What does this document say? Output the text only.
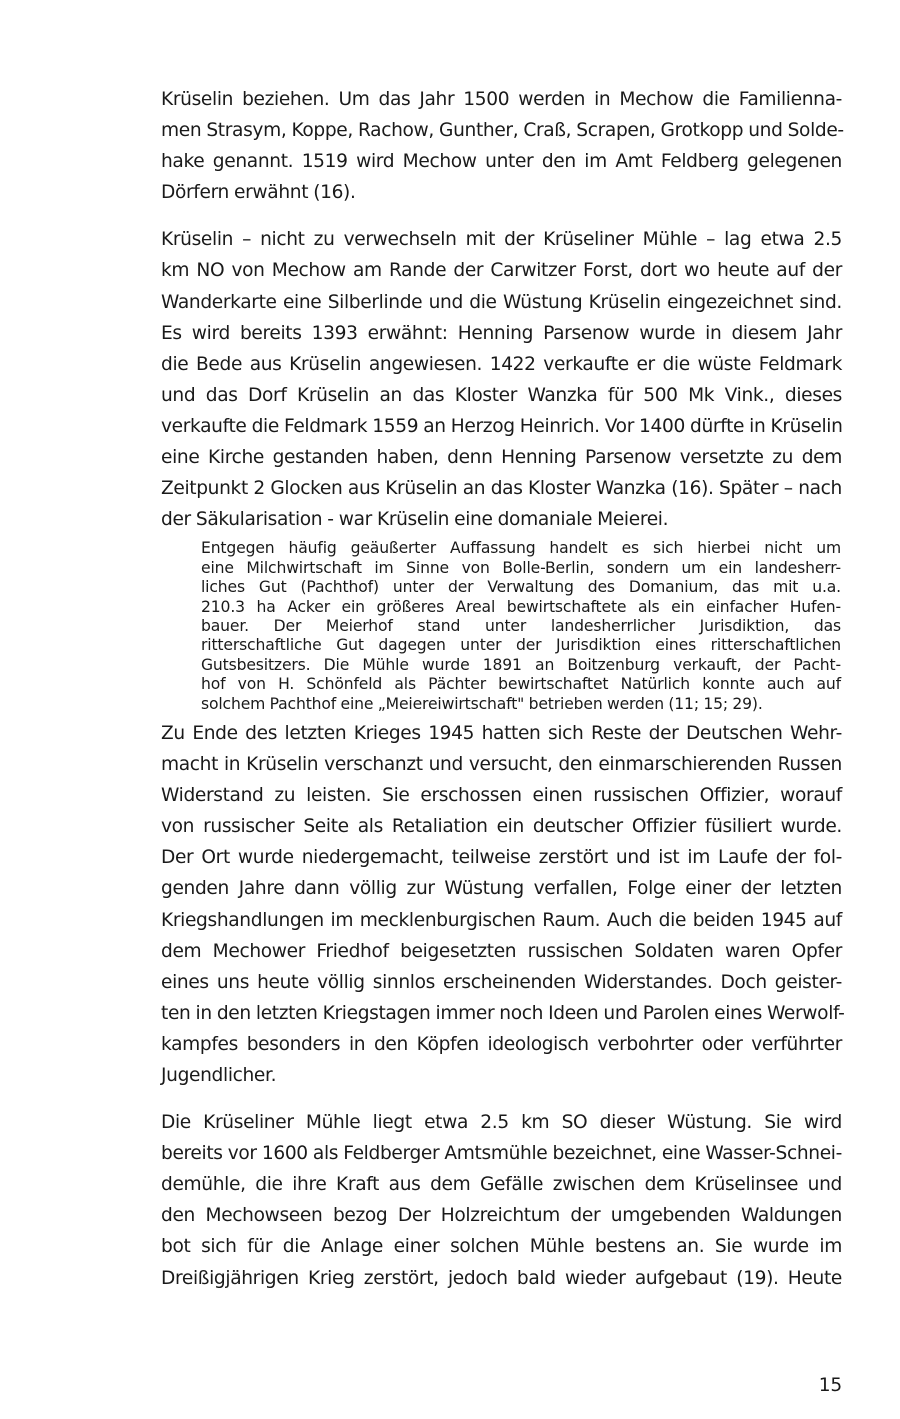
Krüselin beziehen. Um das Jahr 1500 werden in Mechow die Familienna-
men Strasym, Koppe, Rachow, Gunther, Craß, Scrapen, Grotkopp und Solde-
hake genannt. 1519 wird Mechow unter den im Amt Feldberg gelegenen
Dörfern erwähnt (16).

Krüselin – nicht zu verwechseln mit der Krüseliner Mühle – lag etwa 2.5
km NO von Mechow am Rande der Carwitzer Forst, dort wo heute auf der
Wanderkarte eine Silberlinde und die Wüstung Krüselin eingezeichnet sind.
Es wird bereits 1393 erwähnt: Henning Parsenow wurde in diesem Jahr
die Bede aus Krüselin angewiesen. 1422 verkaufte er die wüste Feldmark
und das Dorf Krüselin an das Kloster Wanzka für 500 Mk Vink., dieses
verkaufte die Feldmark 1559 an Herzog Heinrich. Vor 1400 dürfte in Krüselin
eine Kirche gestanden haben, denn Henning Parsenow versetzte zu dem
Zeitpunkt 2 Glocken aus Krüselin an das Kloster Wanzka (16). Später – nach
der Säkularisation - war Krüselin eine domaniale Meierei.

Entgegen häufig geäußerter Auffassung handelt es sich hierbei nicht um
eine Milchwirtschaft im Sinne von Bolle-Berlin, sondern um ein landesherr-
liches Gut (Pachthof) unter der Verwaltung des Domanium, das mit u.a.
210.3 ha Acker ein größeres Areal bewirtschaftete als ein einfacher Hufen-
bauer. Der Meierhof stand unter landesherrlicher Jurisdiktion, das
ritterschaftliche Gut dagegen unter der Jurisdiktion eines ritterschaftlichen
Gutsbesitzers. Die Mühle wurde 1891 an Boitzenburg verkauft, der Pacht-
hof von H. Schönfeld als Pächter bewirtschaftet Natürlich konnte auch auf
solchem Pachthof eine „Meiereiwirtschaft" betrieben werden (11; 15; 29).

Zu Ende des letzten Krieges 1945 hatten sich Reste der Deutschen Wehr-
macht in Krüselin verschanzt und versucht, den einmarschierenden Russen
Widerstand zu leisten. Sie erschossen einen russischen Offizier, worauf
von russischer Seite als Retaliation ein deutscher Offizier füsiliert wurde.
Der Ort wurde niedergemacht, teilweise zerstört und ist im Laufe der fol-
genden Jahre dann völlig zur Wüstung verfallen, Folge einer der letzten
Kriegshandlungen im mecklenburgischen Raum. Auch die beiden 1945 auf
dem Mechower Friedhof beigesetzten russischen Soldaten waren Opfer
eines uns heute völlig sinnlos erscheinenden Widerstandes. Doch geister-
ten in den letzten Kriegstagen immer noch Ideen und Parolen eines Werwolf-
kampfes besonders in den Köpfen ideologisch verbohrter oder verführter
Jugendlicher.

Die Krüseliner Mühle liegt etwa 2.5 km SO dieser Wüstung. Sie wird
bereits vor 1600 als Feldberger Amtsmühle bezeichnet, eine Wasser-Schnei-
demühle, die ihre Kraft aus dem Gefälle zwischen dem Krüselinsee und
den Mechowseen bezog Der Holzreichtum der umgebenden Waldungen
bot sich für die Anlage einer solchen Mühle bestens an. Sie wurde im
Dreißigjährigen Krieg zerstört, jedoch bald wieder aufgebaut (19). Heute

15
